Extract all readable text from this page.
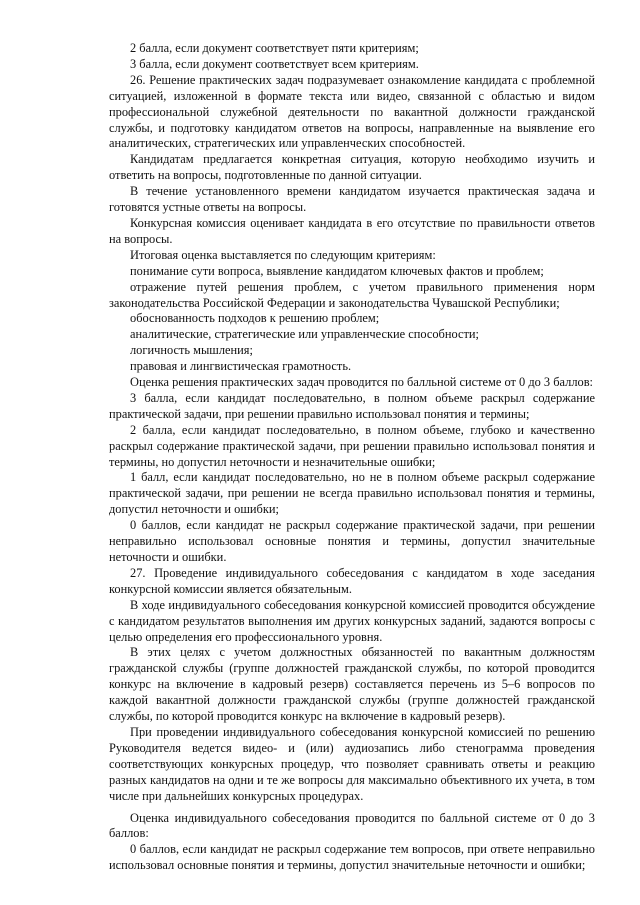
2 балла, если документ соответствует пяти критериям;

3 балла, если документ соответствует всем критериям.

26. Решение практических задач подразумевает ознакомление кандидата с проблемной ситуацией, изложенной в формате текста или видео, связанной с областью и видом профессиональной служебной деятельности по вакантной должности гражданской службы, и подготовку кандидатом ответов на вопросы, направленные на выявление его аналитических, стратегических или управленческих способностей.

Кандидатам предлагается конкретная ситуация, которую необходимо изучить и ответить на вопросы, подготовленные по данной ситуации.

В течение установленного времени кандидатом изучается практическая задача и готовятся устные ответы на вопросы.

Конкурсная комиссия оценивает кандидата в его отсутствие по правильности ответов на вопросы.

Итоговая оценка выставляется по следующим критериям:

понимание сути вопроса, выявление кандидатом ключевых фактов и проблем;

отражение путей решения проблем, с учетом правильного применения норм законодательства Российской Федерации и законодательства Чувашской Республики;

обоснованность подходов к решению проблем;

аналитические, стратегические или управленческие способности;

логичность мышления;

правовая и лингвистическая грамотность.

Оценка решения практических задач проводится по балльной системе от 0 до 3 баллов:

3 балла, если кандидат последовательно, в полном объеме раскрыл содержание практической задачи, при решении правильно использовал понятия и термины;

2 балла, если кандидат последовательно, в полном объеме, глубоко и качественно раскрыл содержание практической задачи, при решении правильно использовал понятия и термины, но допустил неточности и незначительные ошибки;

1 балл, если кандидат последовательно, но не в полном объеме раскрыл содержание практической задачи, при решении не всегда правильно использовал понятия и термины, допустил неточности и ошибки;

0 баллов, если кандидат не раскрыл содержание практической задачи, при решении неправильно использовал основные понятия и термины, допустил значительные неточности и ошибки.

27. Проведение индивидуального собеседования с кандидатом в ходе заседания конкурсной комиссии является обязательным.

В ходе индивидуального собеседования конкурсной комиссией проводится обсуждение с кандидатом результатов выполнения им других конкурсных заданий, задаются вопросы с целью определения его профессионального уровня.

В этих целях с учетом должностных обязанностей по вакантным должностям гражданской службы (группе должностей гражданской службы, по которой проводится конкурс на включение в кадровый резерв) составляется перечень из 5–6 вопросов по каждой вакантной должности гражданской службы (группе должностей гражданской службы, по которой проводится конкурс на включение в кадровый резерв).

При проведении индивидуального собеседования конкурсной комиссией по решению Руководителя ведется видео- и (или) аудиозапись либо стенограмма проведения соответствующих конкурсных процедур, что позволяет сравнивать ответы и реакцию разных кандидатов на одни и те же вопросы для максимально объективного их учета, в том числе при дальнейших конкурсных процедурах.

Оценка индивидуального собеседования проводится по балльной системе от 0 до 3 баллов:

0 баллов, если кандидат не раскрыл содержание тем вопросов, при ответе неправильно использовал основные понятия и термины, допустил значительные неточности и ошибки;
